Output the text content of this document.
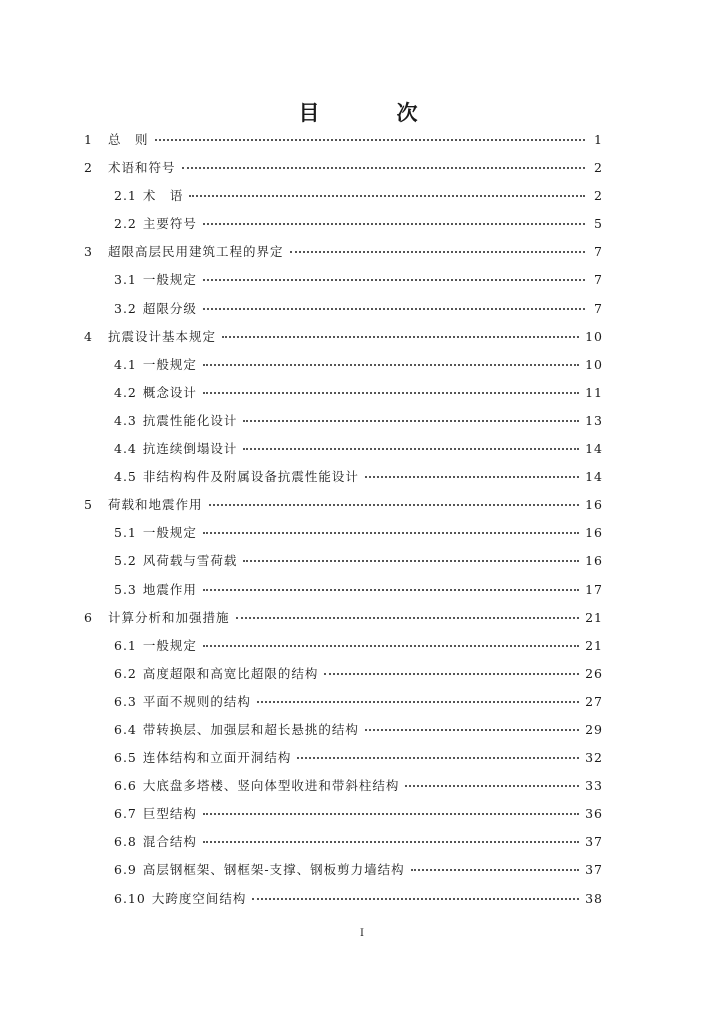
目　次
1	总　则	1
2	术语和符号	2
2.1 术　语	2
2.2 主要符号	5
3	超限高层民用建筑工程的界定	7
3.1 一般规定	7
3.2 超限分级	7
4	抗震设计基本规定	10
4.1 一般规定	10
4.2 概念设计	11
4.3 抗震性能化设计	13
4.4 抗连续倒塌设计	14
4.5 非结构构件及附属设备抗震性能设计	14
5	荷载和地震作用	16
5.1 一般规定	16
5.2 风荷载与雪荷载	16
5.3 地震作用	17
6	计算分析和加强措施	21
6.1 一般规定	21
6.2 高度超限和高宽比超限的结构	26
6.3 平面不规则的结构	27
6.4 带转换层、加强层和超长悬挑的结构	29
6.5 连体结构和立面开洞结构	32
6.6 大底盘多塔楼、竖向体型收进和带斜柱结构	33
6.7 巨型结构	36
6.8 混合结构	37
6.9 高层钢框架、钢框架-支撑、钢板剪力墙结构	37
6.10 大跨度空间结构	38
I
